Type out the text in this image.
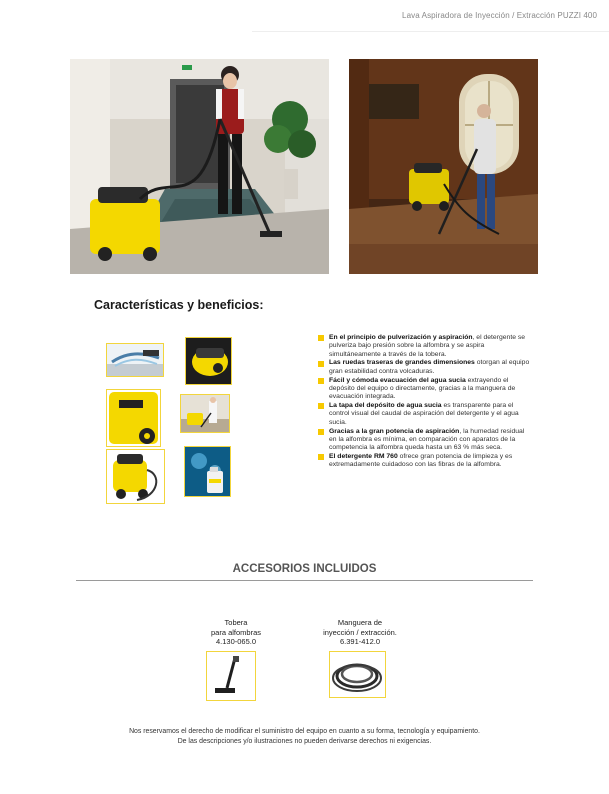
Lava Aspiradora de Inyección / Extracción PUZZI 400
Características y beneficios:
En el principio de pulverización y aspiración, el detergente se pulveriza bajo presión sobre la alfombra y se aspira simultáneamente a través de la tobera.
Las ruedas traseras de grandes dimensiones otorgan al equipo gran estabilidad contra volcaduras.
Fácil y cómoda evacuación del agua sucia extrayendo el depósito del equipo o directamente, gracias a la manguera de evacuación integrada.
La tapa del depósito de agua sucia es transparente para el control visual del caudal de aspiración del detergente y el agua sucia.
Gracias a la gran potencia de aspiración, la humedad residual en la alfombra es mínima, en comparación con aparatos de la competencia la alfombra queda hasta un 63 % más seca.
El detergente RM 760 ofrece gran potencia de limpieza y es extremadamente cuidadoso con las fibras de la alfombra.
ACCESORIOS INCLUIDOS
Tobera
para alfombras
4.130-065.0
Manguera de
inyección / extracción.
6.391-412.0
Nos reservamos el derecho de modificar el suministro del equipo en cuanto a su forma, tecnología y equipamiento.
De las descripciones y/o ilustraciones no pueden derivarse derechos ni exigencias.
